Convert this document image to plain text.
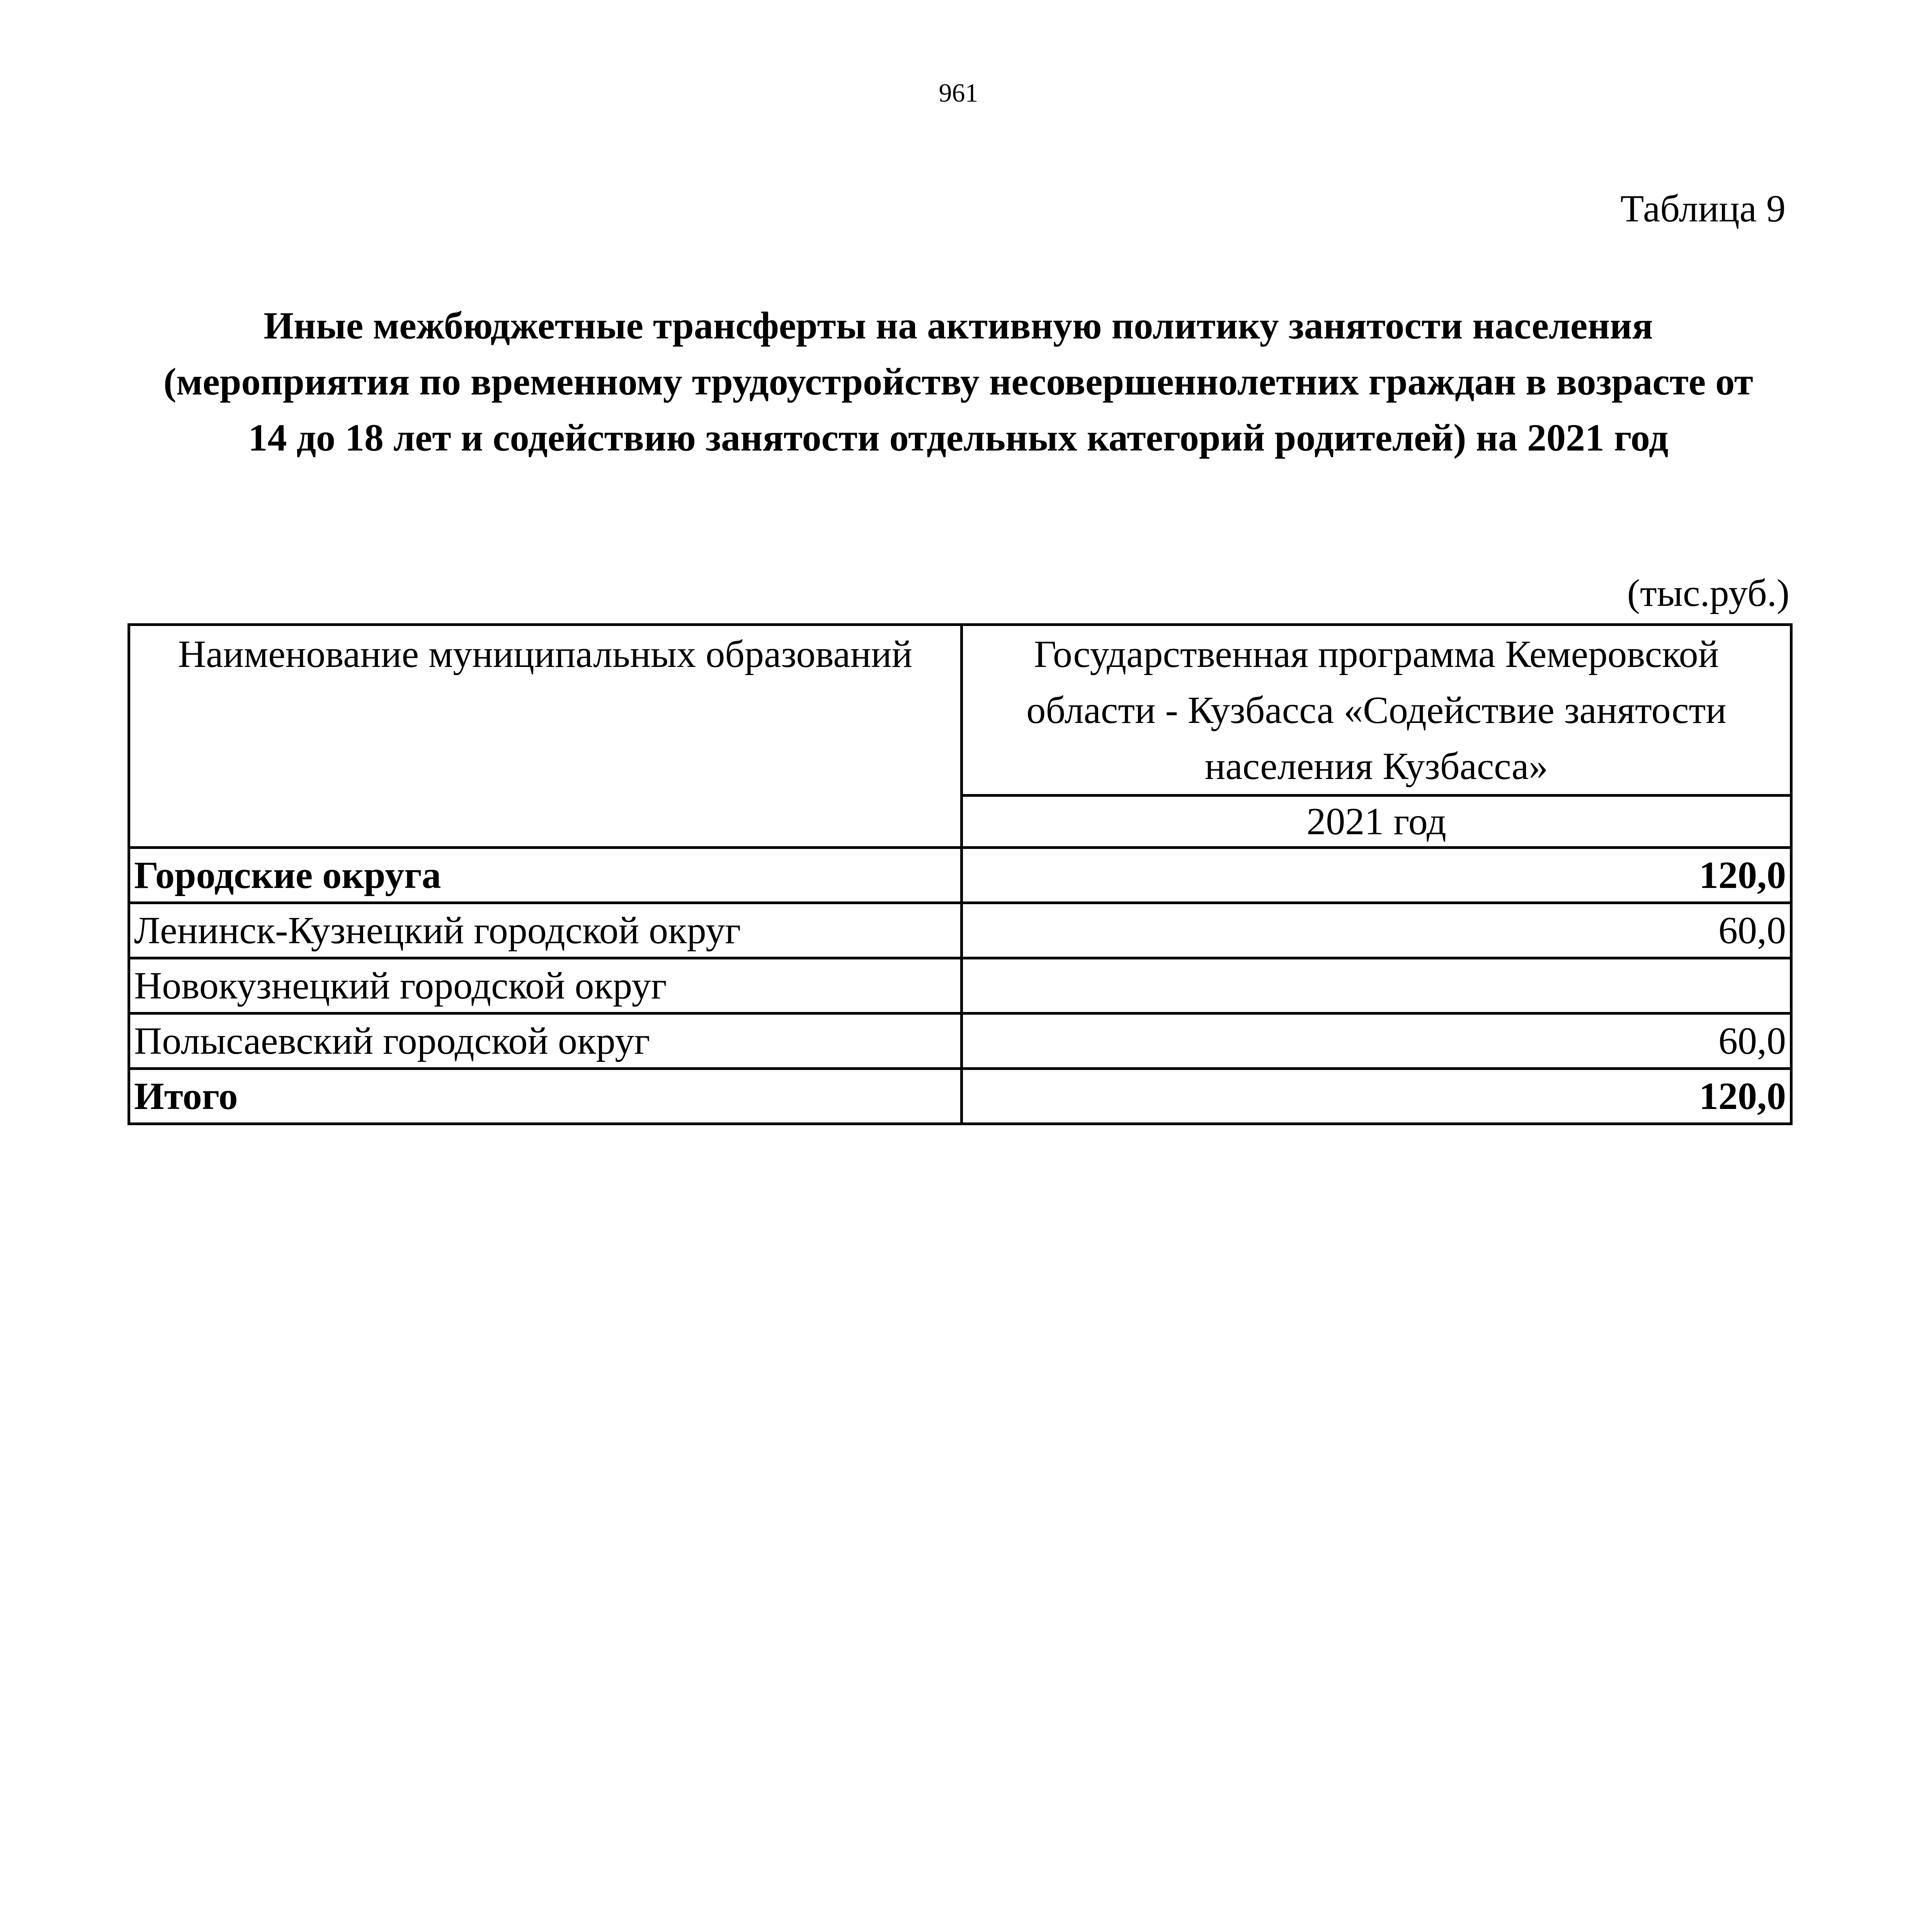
961
Таблица 9
Иные межбюджетные трансферты на активную политику занятости населения (мероприятия по временному трудоустройству несовершеннолетних граждан в возрасте от 14 до 18 лет и содействию занятости отдельных категорий родителей) на 2021 год
(тыс.руб.)
Наименование муниципальных образований	Государственная программа Кемеровской области - Кузбасса «Содействие занятости населения Кузбасса»
	2021 год
Городские округа	120,0
Ленинск-Кузнецкий городской округ	60,0
Новокузнецкий городской округ	
Полысаевский городской округ	60,0
Итого	120,0
